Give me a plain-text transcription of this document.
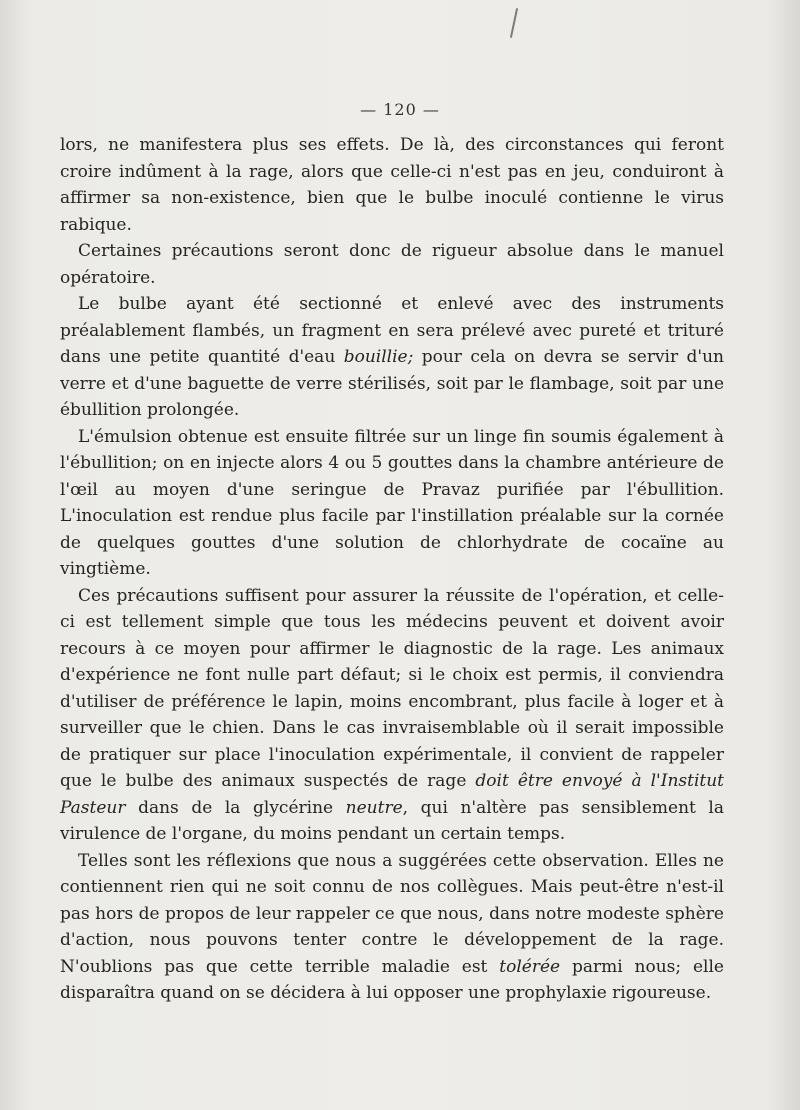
— 120 —

lors, ne manifestera plus ses effets. De là, des circonstances qui feront croire indûment à la rage, alors que celle-ci n'est pas en jeu, conduiront à affirmer sa non-existence, bien que le bulbe inoculé contienne le virus rabique.

Certaines précautions seront donc de rigueur absolue dans le manuel opératoire.

Le bulbe ayant été sectionné et enlevé avec des instruments préalablement flambés, un fragment en sera prélevé avec pureté et trituré dans une petite quantité d'eau bouillie; pour cela on devra se servir d'un verre et d'une baguette de verre stérilisés, soit par le flambage, soit par une ébullition prolongée.

L'émulsion obtenue est ensuite filtrée sur un linge fin soumis également à l'ébullition; on en injecte alors 4 ou 5 gouttes dans la chambre antérieure de l'œil au moyen d'une seringue de Pravaz purifiée par l'ébullition. L'inoculation est rendue plus facile par l'instillation préalable sur la cornée de quelques gouttes d'une solution de chlorhydrate de cocaïne au vingtième.

Ces précautions suffisent pour assurer la réussite de l'opération, et celle-ci est tellement simple que tous les médecins peuvent et doivent avoir recours à ce moyen pour affirmer le diagnostic de la rage. Les animaux d'expérience ne font nulle part défaut; si le choix est permis, il conviendra d'utiliser de préférence le lapin, moins encombrant, plus facile à loger et à surveiller que le chien. Dans le cas invraisemblable où il serait impossible de pratiquer sur place l'inoculation expérimentale, il convient de rappeler que le bulbe des animaux suspectés de rage doit être envoyé à l'Institut Pasteur dans de la glycérine neutre, qui n'altère pas sensiblement la virulence de l'organe, du moins pendant un certain temps.

Telles sont les réflexions que nous a suggérées cette observation. Elles ne contiennent rien qui ne soit connu de nos collègues. Mais peut-être n'est-il pas hors de propos de leur rappeler ce que nous, dans notre modeste sphère d'action, nous pouvons tenter contre le développement de la rage. N'oublions pas que cette terrible maladie est tolérée parmi nous; elle disparaîtra quand on se décidera à lui opposer une prophylaxie rigoureuse.
